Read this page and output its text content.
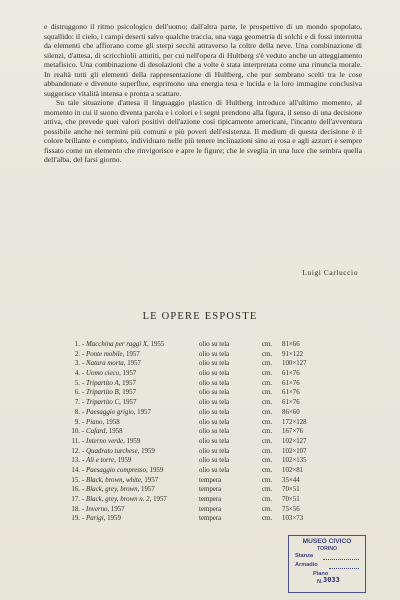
e distruggono il ritmo psicologico dell'uomo; dall'altra parte, le prospettive di un mondo spopolato, squallido: il cielo, i campi deserti salvo qualche traccia, una vaga geometria di solchi e di fossi interrotta da elementi che affiorano come gli sterpi secchi attraverso la coltre della neve. Una combinazione di silenzi, d'attesa, di scricchiolii attutiti, per cui nell'opera di Hultberg s'è veduto anche un atteggiamento metafisico. Una combinazione di desolazioni che a volte è stata interpretata come una rinuncia morale. In realtà tutti gli elementi della rappresentazione di Hultberg, che pur sembrano scelti tra le cose abbandonate e divenute superflue, esprimono una energia tesa e lucida e la loro immagine conclusiva suggerisce vitalità intensa e pronta a scattare.

Su tale situazione d'attesa il linguaggio plastico di Hultberg introduce all'ultimo momento, al momento in cui il suono diventa parola e i colori e i segni prendono alla figura, il senso di una decisione attiva, che prevede quei valori positivi dell'azione così tipicamente americani, l'incanto dell'avventura possibile anche nei termini più comuni e più poveri dell'esistenza. Il medium di questa decisione è il colore brillante e compiuto, individuato nelle più tenere inclinazioni sino ai rosa e agli azzurri e sempre fissato come un elemento che rinvigorisce e apre le figure; che le sveglia in una luce che sembra quella dell'alba, del farsi giorno.

Luigi Carluccio
LE OPERE ESPOSTE
1. - Macchina per raggi X, 1955	olio su tela	cm. 81×66
2. - Ponte mobile, 1957	olio su tela	cm. 91×122
3. - Natura morta, 1957	olio su tela	cm. 100×127
4. - Uomo cieco, 1957	olio su tela	cm. 61×76
5. - Tripartito A, 1957	olio su tela	cm. 61×76
6. - Tripartito B, 1957	olio su tela	cm. 61×76
7. - Tripartito C, 1957	olio su tela	cm. 61×76
8. - Paesaggio grigio, 1957	olio su tela	cm. 86×60
9. - Piano, 1958	olio su tela	cm. 172×128
10. - Cafard, 1958	olio su tela	cm. 167×76
11. - Interno verde, 1959	olio su tela	cm. 102×127
12. - Quadrato turchese, 1959	olio su tela	cm. 102×107
13. - Ali e torre, 1959	olio su tela	cm. 102×135
14. - Paesaggio compresso, 1959	olio su tela	cm. 102×81
15. - Black, brown, white, 1957	tempera	cm. 35×44
16. - Black, grey, brown, 1957	tempera	cm. 70×51
17. - Black, grey, brown n. 2, 1957	tempera	cm. 70×51
18. - Inverno, 1957	tempera	cm. 75×56
19. - Parigi, 1959	tempera	cm. 103×73
MUSEO CIVICO
TORINO
Stanza
Armadio
Piano
N. 3033
